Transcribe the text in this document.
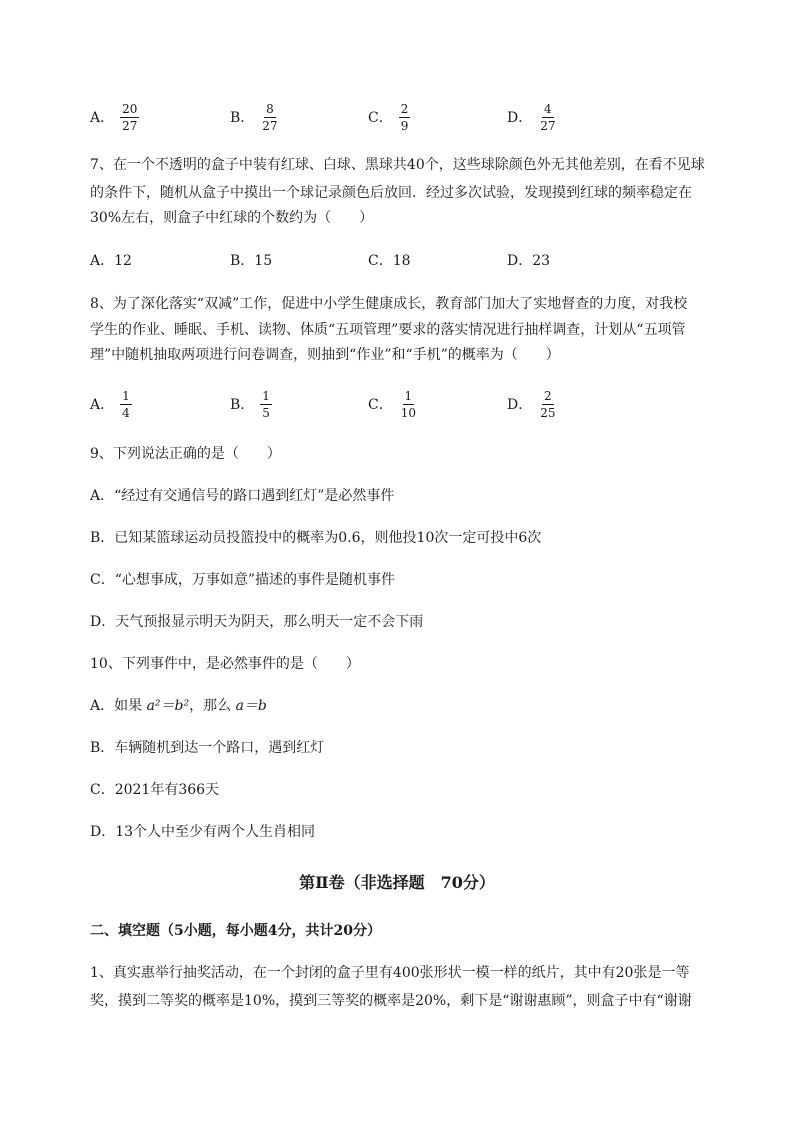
A． $\frac{20}{27}$	B． $\frac{8}{27}$	C． $\frac{2}{9}$	D． $\frac{4}{27}$
7、在一个不透明的盒子中装有红球、白球、黑球共40个，这些球除颜色外无其他差别，在看不见球
的条件下，随机从盒子中摸出一个球记录颜色后放回．经过多次试验，发现摸到红球的频率稳定在
30%左右，则盒子中红球的个数约为（　　）
A．12	B．15	C．18	D．23
8、为了深化落实“双减”工作，促进中小学生健康成长，教育部门加大了实地督查的力度，对我校
学生的作业、睡眠、手机、读物、体质“五项管理”要求的落实情况进行抽样调查，计划从“五项管
理”中随机抽取两项进行问卷调查，则抽到“作业”和“手机”的概率为（　　）
A． $\frac{1}{4}$	B． $\frac{1}{5}$	C． $\frac{1}{10}$	D． $\frac{2}{25}$
9、下列说法正确的是（　　）
A．“经过有交通信号的路口遇到红灯”是必然事件
B．已知某篮球运动员投篮投中的概率为0.6，则他投10次一定可投中6次
C．“心想事成，万事如意”描述的事件是随机事件
D．天气预报显示明天为阴天，那么明天一定不会下雨
10、下列事件中，是必然事件的是（　　）
A．如果 a²＝b²，那么 a＝b
B．车辆随机到达一个路口，遇到红灯
C．2021年有366天
D．13个人中至少有两个人生肖相同
第Ⅱ卷（非选择题　70分）
二、填空题（5小题，每小题4分，共计20分）
1、真实惠举行抽奖活动，在一个封闭的盒子里有400张形状一模一样的纸片，其中有20张是一等
奖，摸到二等奖的概率是10%，摸到三等奖的概率是20%，剩下是“谢谢惠顾”，则盒子中有“谢谢
